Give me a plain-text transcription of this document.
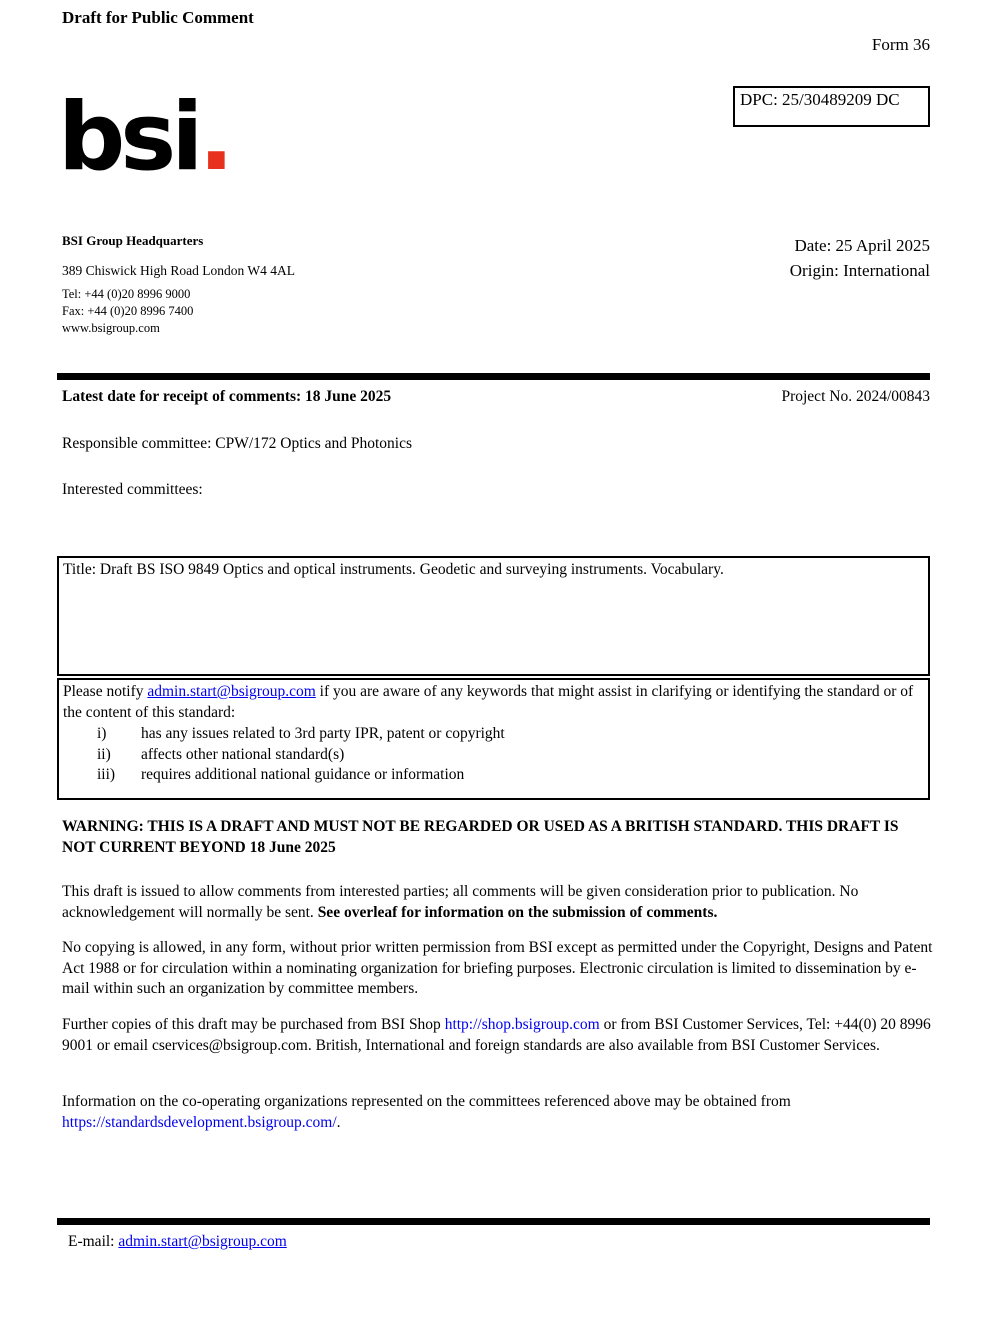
Draft for Public Comment
Form 36
DPC: 25/30489209 DC
bsi.
BSI Group Headquarters
389 Chiswick High Road London W4 4AL
Tel: +44 (0)20 8996 9000
Fax: +44 (0)20 8996 7400
www.bsigroup.com
Date: 25 April 2025
Origin: International
Latest date for receipt of comments: 18 June 2025	Project No. 2024/00843
Responsible committee: CPW/172 Optics and Photonics
Interested committees:
Title: Draft BS ISO 9849 Optics and optical instruments. Geodetic and surveying instruments. Vocabulary.
Please notify admin.start@bsigroup.com if you are aware of any keywords that might assist in clarifying or identifying the standard or of the content of this standard:
i)	has any issues related to 3rd party IPR, patent or copyright
ii)	affects other national standard(s)
iii)	requires additional national guidance or information
WARNING: THIS IS A DRAFT AND MUST NOT BE REGARDED OR USED AS A BRITISH STANDARD. THIS DRAFT IS NOT CURRENT BEYOND 18 June 2025
This draft is issued to allow comments from interested parties; all comments will be given consideration prior to publication. No acknowledgement will normally be sent. See overleaf for information on the submission of comments.
No copying is allowed, in any form, without prior written permission from BSI except as permitted under the Copyright, Designs and Patent Act 1988 or for circulation within a nominating organization for briefing purposes. Electronic circulation is limited to dissemination by e-mail within such an organization by committee members.
Further copies of this draft may be purchased from BSI Shop http://shop.bsigroup.com or from BSI Customer Services, Tel: +44(0) 20 8996 9001 or email cservices@bsigroup.com. British, International and foreign standards are also available from BSI Customer Services.
Information on the co-operating organizations represented on the committees referenced above may be obtained from https://standardsdevelopment.bsigroup.com/.
E-mail: admin.start@bsigroup.com
